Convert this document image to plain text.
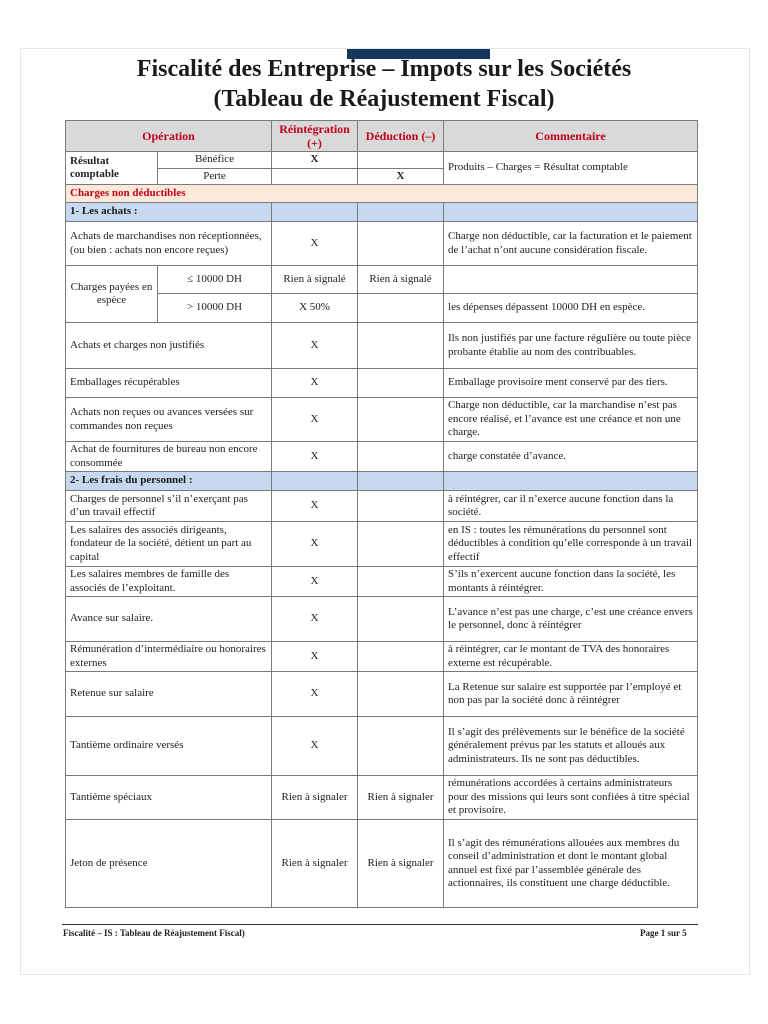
Fiscalité des Entreprise – Impots sur les Sociétés
(Tableau de Réajustement Fiscal)
Opération		Réintégration (+)	Déduction (–)	Commentaire
Résultat comptable	Bénéfice	X		Produits – Charges = Résultat comptable
	Perte		X	
Charges non déductibles				
1- Les achats :				
Achats de marchandises non réceptionnées, (ou bien : achats non encore reçues)		X		Charge non déductible, car la facturation et le paiement de l’achat n’ont aucune considération fiscale.
Charges payées en espèce	≤ 10000 DH	Rien à signalé	Rien à signalé	
	> 10000 DH	X 50%		les dépenses dépassent 10000 DH en espèce.
Achats et charges non justifiés		X		Ils non justifiés par une facture régulière ou toute pièce probante établie au nom des contribuables.
Emballages récupérables		X		Emballage provisoire ment conservé par des tiers.
Achats non reçues ou avances versées sur commandes non reçues		X		Charge non déductible, car la marchandise n’est pas encore réalisé, et l’avance est une créance et non une charge.
Achat de fournitures de bureau non encore consommée		X		charge constatée d’avance.
2- Les frais du personnel :				
Charges de personnel s’il n’exerçant pas d’un travail effectif		X		à réintégrer, car il n’exerce aucune fonction dans la société.
Les salaires des associés dirigeants, fondateur de la société, détient un part au capital		X		en IS : toutes les rémunérations du personnel sont déductibles à condition qu’elle corresponde à un travail effectif
Les salaires membres de famille des associés de l’exploitant.		X		S’ils n’exercent aucune fonction dans la société, les montants à réintégrer.
Avance sur salaire.		X		L’avance n’est pas une charge, c’est une créance envers le personnel, donc à réintégrer
Rémunération d’intermédiaire ou honoraires externes		X		à réintégrer, car le montant de TVA des honoraires externe est récupérable.
Retenue sur salaire		X		La Retenue sur salaire est supportée par l’employé et non pas par la société donc à réintégrer
Tantième ordinaire versés		X		Il s’agit des prélèvements sur le bénéfice de la société généralement prévus par les statuts et alloués aux administrateurs. Ils ne sont pas déductibles.
Tantième spéciaux		Rien à signaler	Rien à signaler	rémunérations accordées à certains administrateurs pour des missions qui leurs sont confiées à titre spécial et provisoire.
Jeton de présence		Rien à signaler	Rien à signaler	Il s’agit des rémunérations allouées aux membres du conseil d’administration et dont le montant global annuel est fixé par l’assemblée générale des actionnaires, ils constituent une charge déductible.
Fiscalité – IS : Tableau de Réajustement Fiscal)	Page 1 sur 5
